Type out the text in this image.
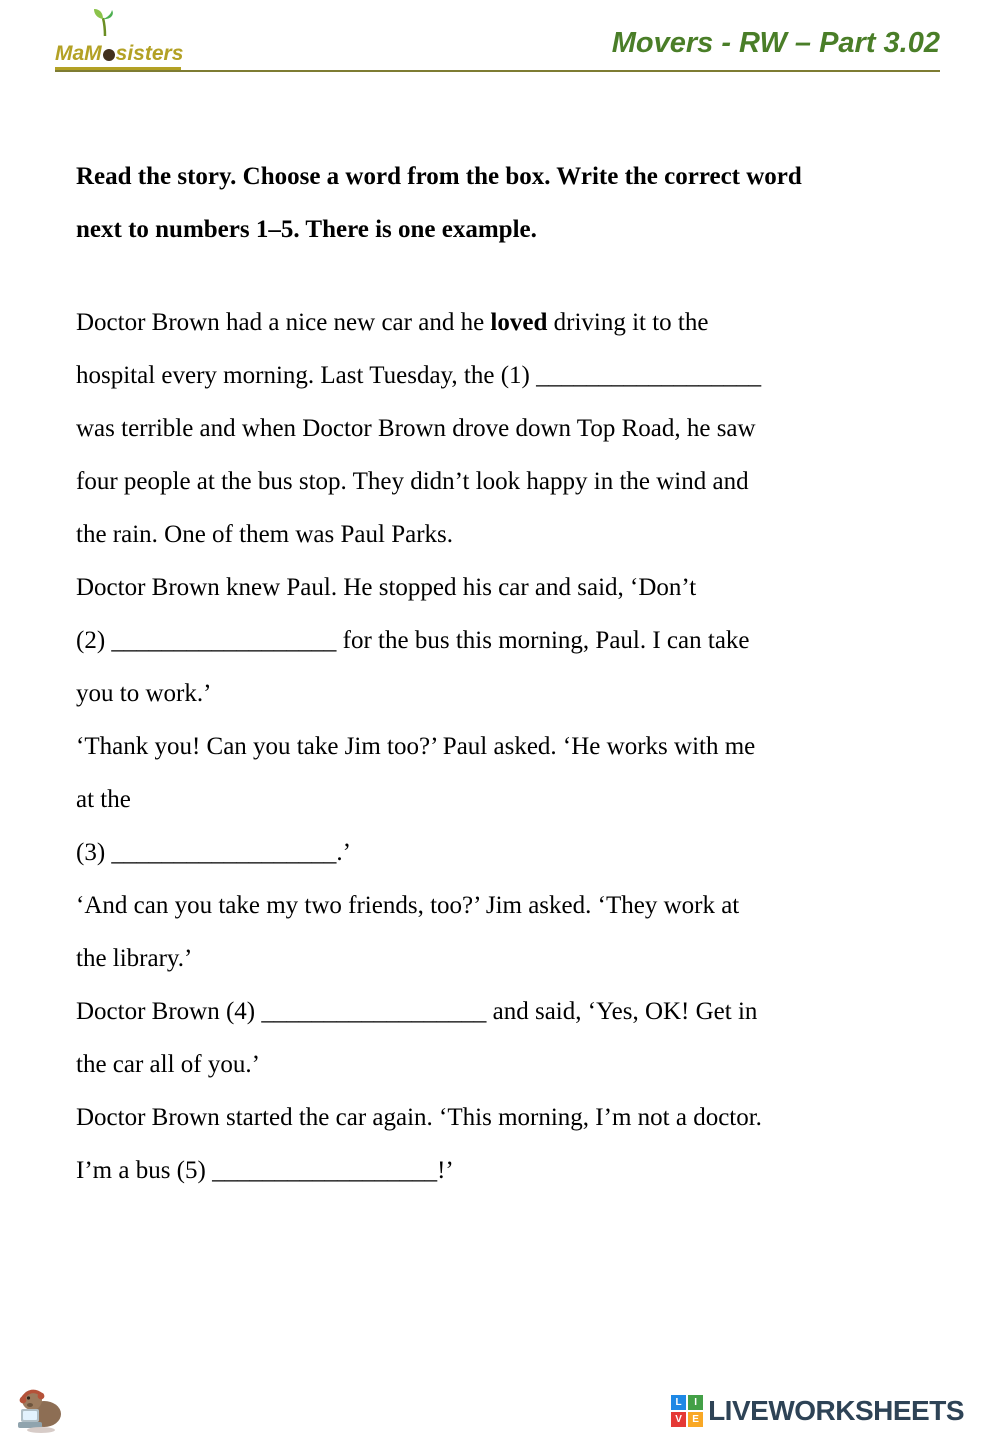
MaM sisters	Movers - RW – Part 3.02
Read the story. Choose a word from the box. Write the correct word
next to numbers 1–5. There is one example.
Doctor Brown had a nice new car and he loved driving it to the
hospital every morning. Last Tuesday, the (1) __________________
was terrible and when Doctor Brown drove down Top Road, he saw
four people at the bus stop. They didn’t look happy in the wind and
the rain. One of them was Paul Parks.
Doctor Brown knew Paul. He stopped his car and said, ‘Don’t
(2) __________________ for the bus this morning, Paul. I can take
you to work.’
‘Thank you! Can you take Jim too?’ Paul asked. ‘He works with me
at the
(3) __________________.’
‘And can you take my two friends, too?’ Jim asked. ‘They work at
the library.’
Doctor Brown (4) __________________ and said, ‘Yes, OK! Get in
the car all of you.’
Doctor Brown started the car again. ‘This morning, I’m not a doctor.
I’m a bus (5) __________________!’
L	I
V	E LIVEWORKSHEETS
